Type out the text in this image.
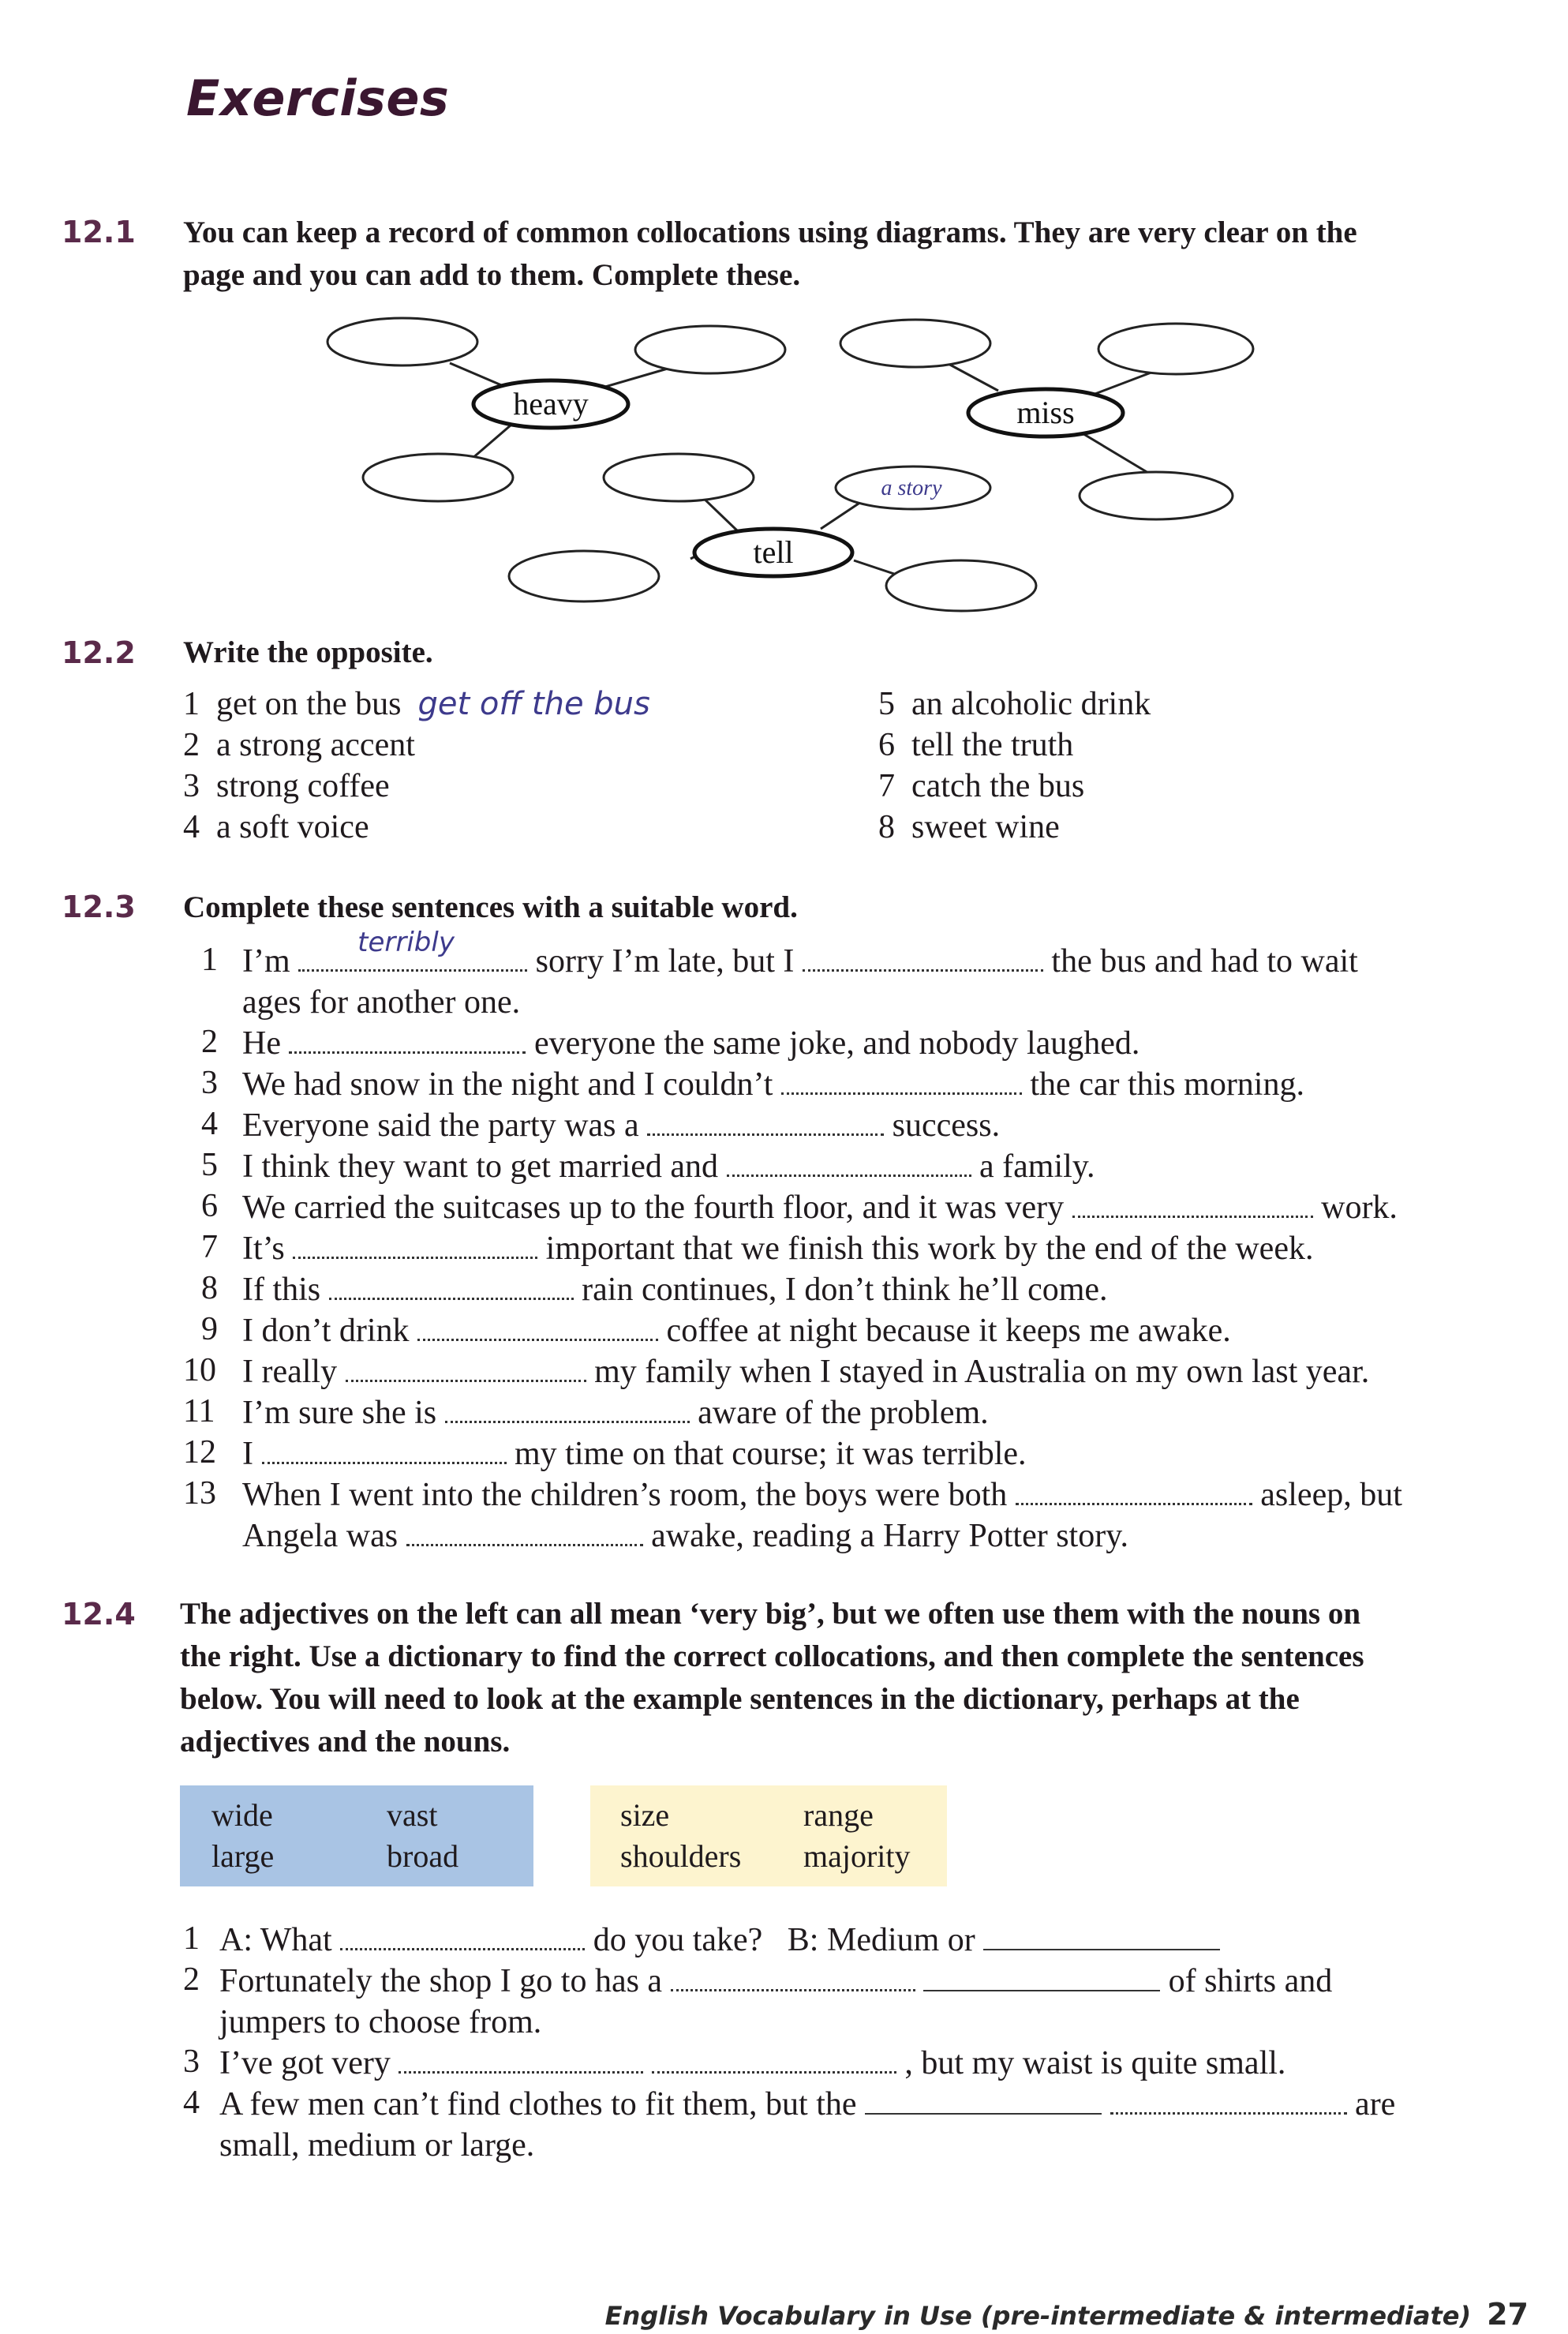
Exercises
12.1 You can keep a record of common collocations using diagrams. They are very clear on the
page and you can add to them. Complete these.
heavy	miss
tell
a story
12.2 Write the opposite.
1 get on the bus get off the bus
2 a strong accent
3 strong coffee
4 a soft voice
5 an alcoholic drink
6 tell the truth
7 catch the bus
8 sweet wine
12.3 Complete these sentences with a suitable word.
1 I’m
terribly
sorry I’m late, but I	the bus and had to wait
ages for another one.
2 He	everyone the same joke, and nobody laughed.
3 We had snow in the night and I couldn’t	the car this morning.
4 Everyone said the party was a	success.
5 I think they want to get married and	a family.
6 We carried the suitcases up to the fourth floor, and it was very	work.
7 It’s	important that we finish this work by the end of the week.
8 If this	rain continues, I don’t think he’ll come.
9 I don’t drink	coffee at night because it keeps me awake.
10 I really	my family when I stayed in Australia on my own last year.
11 I’m sure she is	aware of the problem.
12 I	my time on that course; it was terrible.
13 When I went into the children’s room, the boys were both	asleep, but
Angela was	awake, reading a Harry Potter story.
12.4 The adjectives on the left can all mean ‘very big’, but we often use them with the nouns on
the right. Use a dictionary to find the correct collocations, and then complete the sentences
below. You will need to look at the example sentences in the dictionary, perhaps at the
adjectives and the nouns.
wide	vast
large	broad
size	range
shoulders majority
1 A: What	do you take? B: Medium or
2 Fortunately the shop I go to has a	of shirts and
jumpers to choose from.
3 I’ve got very	, but my waist is quite small.
4 A few men can’t find clothes to fit them, but the	are
small, medium or large.
English Vocabulary in Use (pre-intermediate & intermediate) 27
